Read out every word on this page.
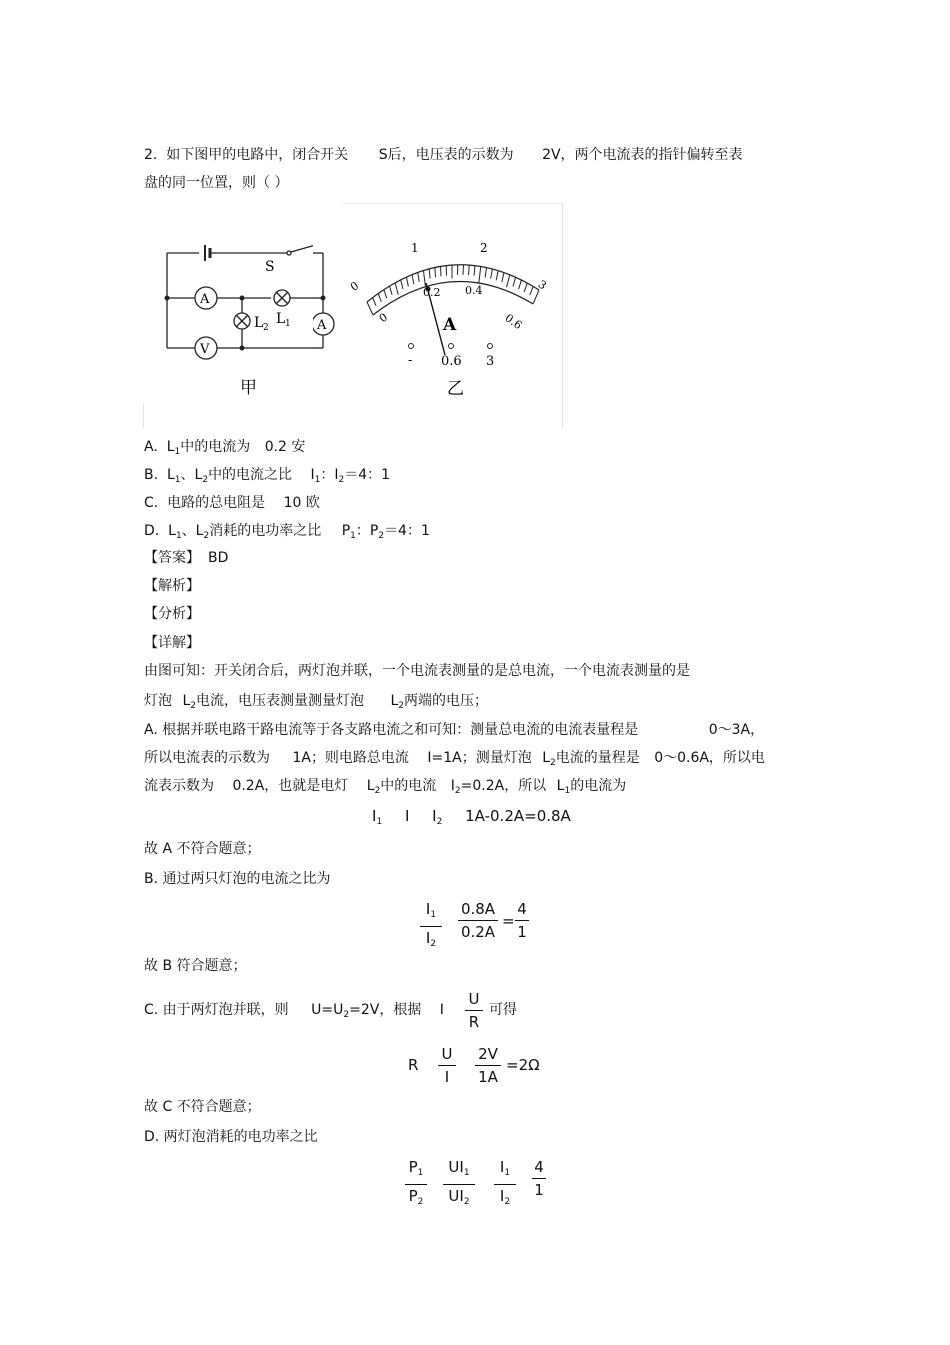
2. 如下图甲的电路中，闭合开关 S后，电压表的示数为 2V，两个电流表的指针偏转至表
盘的同一位置，则（ ）
A
V
S
L 1
L 2
甲
A
0
1	2
3
0
0.2 0.4
0.6
A
- 0.6 3
乙
A. $L_1$中的电流为 0.2 安
B. $L_1$、$L_2$中的电流之比 $I_1$：$I_2=4$：1
C. 电路的总电阻是 10 欧
D. $L_1$、$L_2$消耗的电功率之比 $P_1$：$P_2=4$：1
【答案】 BD
【解析】
【分析】
【详解】
由图可知：开关闭合后，两灯泡并联，一个电流表测量的是总电流，一个电流表测量的是
灯泡 $L_2$电流，电压表测量测量灯泡 $L_2$两端的电压；
A. 根据并联电路干路电流等于各支路电流之和可知：测量总电流的电流表量程是	0～3A，
所以电流表的示数为 1A；则电路总电流 I=1A；测量灯泡 $L_2$电流的量程是 0～0.6A，所以电
流表示数为 0.2A，也就是电灯 $L_2$中的电流 $I_2=0.2A$，所以 $L_1$的电流为
$I_1$ I $I_2$ 1A-0.2A=0.8A
故 A 不符合题意；
B. 通过两只灯泡的电流之比为
$\frac{I_1}{I_2} \frac{0.8A}{0.2A} = \frac{4}{1}$
故 B 符合题意；
C. 由于两灯泡并联，则 $U=U_2=2V$，根据 I $\frac{U}{R}$ 可得
R $\frac{U}{I} \frac{2V}{1A} =2\Omega$
故 C 不符合题意；
D. 两灯泡消耗的电功率之比
$\frac{P_1}{P_2} \frac{UI_1}{UI_2} \frac{I_1}{I_2} \frac{4}{1}$
